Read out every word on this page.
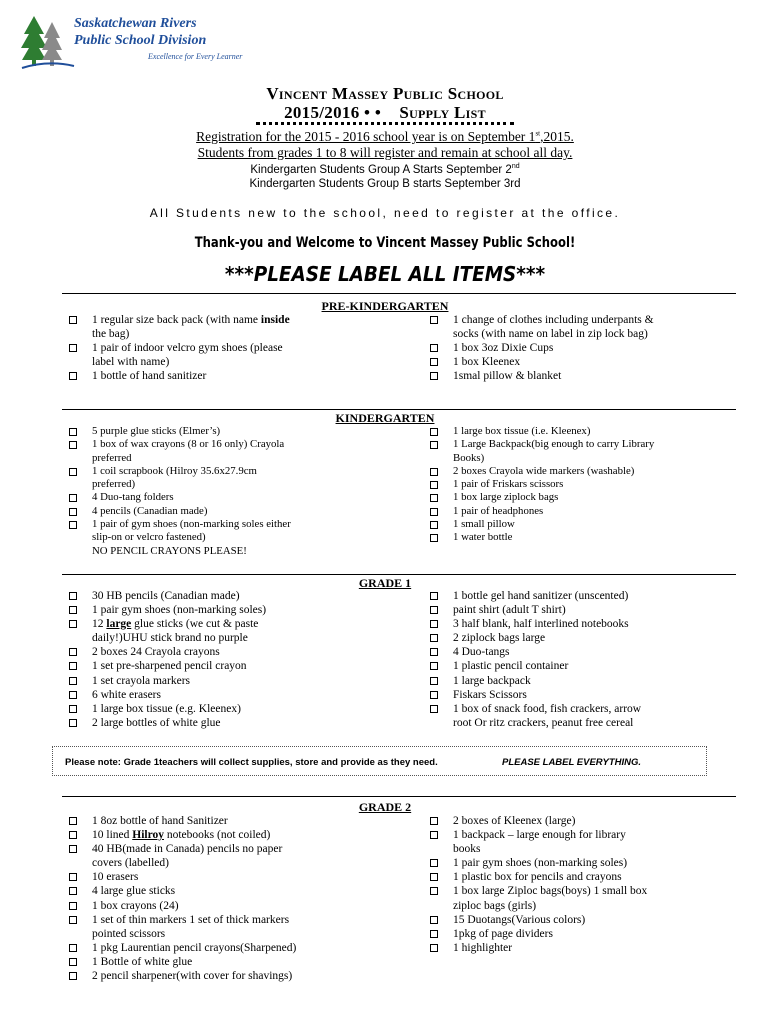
Saskatchewan Rivers
Public School Division
Excellence for Every Learner
Vincent Massey Public School
2015/2016 • • Supply List
Registration for the 2015 - 2016 school year is on September 1st,2015.
Students from grades 1 to 8 will register and remain at school all day.
Kindergarten Students Group A Starts September 2nd
Kindergarten Students Group B starts September 3rd
All Students new to the school, need to register at the office.
Thank-you and Welcome to Vincent Massey Public School!
***PLEASE LABEL ALL ITEMS***
PRE-KINDERGARTEN
1 regular size back pack (with name inside
the bag)
1 pair of indoor velcro gym shoes (please
label with name)
1 bottle of hand sanitizer
1 change of clothes including underpants &
socks (with name on label in zip lock bag)
1 box 3oz Dixie Cups
1 box Kleenex
1smal pillow & blanket
KINDERGARTEN
5 purple glue sticks (Elmer’s)
1 box of wax crayons (8 or 16 only) Crayola
preferred
1 coil scrapbook (Hilroy 35.6x27.9cm
preferred)
4 Duo-tang folders
4 pencils (Canadian made)
1 pair of gym shoes (non-marking soles either
slip-on or velcro fastened)
NO PENCIL CRAYONS PLEASE!
1 large box tissue (i.e. Kleenex)
1 Large Backpack(big enough to carry Library
Books)
2 boxes Crayola wide markers (washable)
1 pair of Friskars scissors
1 box large ziplock bags
1 pair of headphones
1 small pillow
1 water bottle
GRADE 1
30 HB pencils (Canadian made)
1 pair gym shoes (non-marking soles)
12 large glue sticks (we cut & paste
daily!)UHU stick brand no purple
2 boxes 24 Crayola crayons
1 set pre-sharpened pencil crayon
1 set crayola markers
6 white erasers
1 large box tissue (e.g. Kleenex)
2 large bottles of white glue
1 bottle gel hand sanitizer (unscented)
paint shirt (adult T shirt)
3 half blank, half interlined notebooks
2 ziplock bags large
4 Duo-tangs
1 plastic pencil container
1 large backpack
Fiskars Scissors
1 box of snack food, fish crackers, arrow
root Or ritz crackers, peanut free cereal
Please note: Grade 1teachers will collect supplies, store and provide as they need.	PLEASE LABEL EVERYTHING.
GRADE 2
1 8oz bottle of hand Sanitizer
10 lined Hilroy notebooks (not coiled)
40 HB(made in Canada) pencils no paper
covers (labelled)
10 erasers
4 large glue sticks
1 box crayons (24)
1 set of thin markers 1 set of thick markers
pointed scissors
1 pkg Laurentian pencil crayons(Sharpened)
1 Bottle of white glue
2 pencil sharpener(with cover for shavings)
2 boxes of Kleenex (large)
1 backpack – large enough for library
books
1 pair gym shoes (non-marking soles)
1 plastic box for pencils and crayons
1 box large Ziploc bags(boys) 1 small box
ziploc bags (girls)
15 Duotangs(Various colors)
1pkg of page dividers
1 highlighter
